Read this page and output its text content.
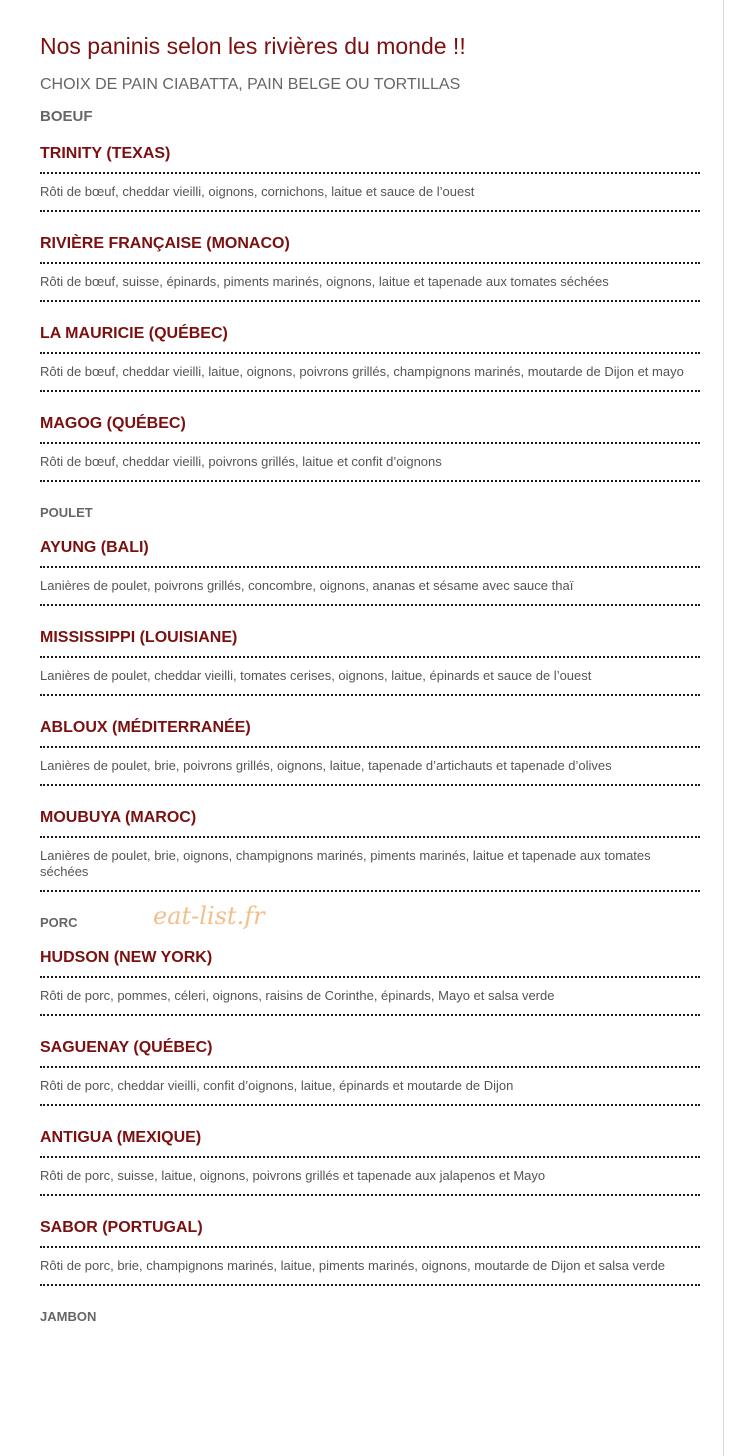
Nos paninis selon les rivières du monde !!
CHOIX DE PAIN CIABATTA, PAIN BELGE OU TORTILLAS
BOEUF
TRINITY (TEXAS)
Rôti de bœuf, cheddar vieilli, oignons, cornichons, laitue et sauce de l’ouest
RIVIÈRE FRANÇAISE (MONACO)
Rôti de bœuf, suisse, épinards, piments marinés, oignons, laitue et tapenade aux tomates séchées
LA MAURICIE (QUÉBEC)
Rôti de bœuf, cheddar vieilli, laitue, oignons, poivrons grillés, champignons marinés, moutarde de Dijon et mayo
MAGOG (QUÉBEC)
Rôti de bœuf, cheddar vieilli, poivrons grillés, laitue et confit d’oignons
POULET
AYUNG (BALI)
Lanières de poulet, poivrons grillés, concombre, oignons, ananas et sésame avec sauce thaï
MISSISSIPPI (LOUISIANE)
Lanières de poulet, cheddar vieilli, tomates cerises, oignons, laitue, épinards et sauce de l’ouest
ABLOUX (MÉDITERRANÉE)
Lanières de poulet, brie, poivrons grillés, oignons, laitue, tapenade d’artichauts et tapenade d’olives
MOUBUYA (MAROC)
Lanières de poulet, brie, oignons, champignons marinés, piments marinés, laitue et tapenade aux tomates séchées
PORC
HUDSON (NEW YORK)
Rôti de porc, pommes, céleri, oignons, raisins de Corinthe, épinards, Mayo et salsa verde
SAGUENAY (QUÉBEC)
Rôti de porc, cheddar vieilli, confit d’oignons, laitue, épinards et moutarde de Dijon
ANTIGUA (MEXIQUE)
Rôti de porc, suisse, laitue, oignons, poivrons grillés et tapenade aux jalapenos et Mayo
SABOR (PORTUGAL)
Rôti de porc, brie, champignons marinés, laitue, piments marinés, oignons, moutarde de Dijon et salsa verde
JAMBON
eat-list.fr
